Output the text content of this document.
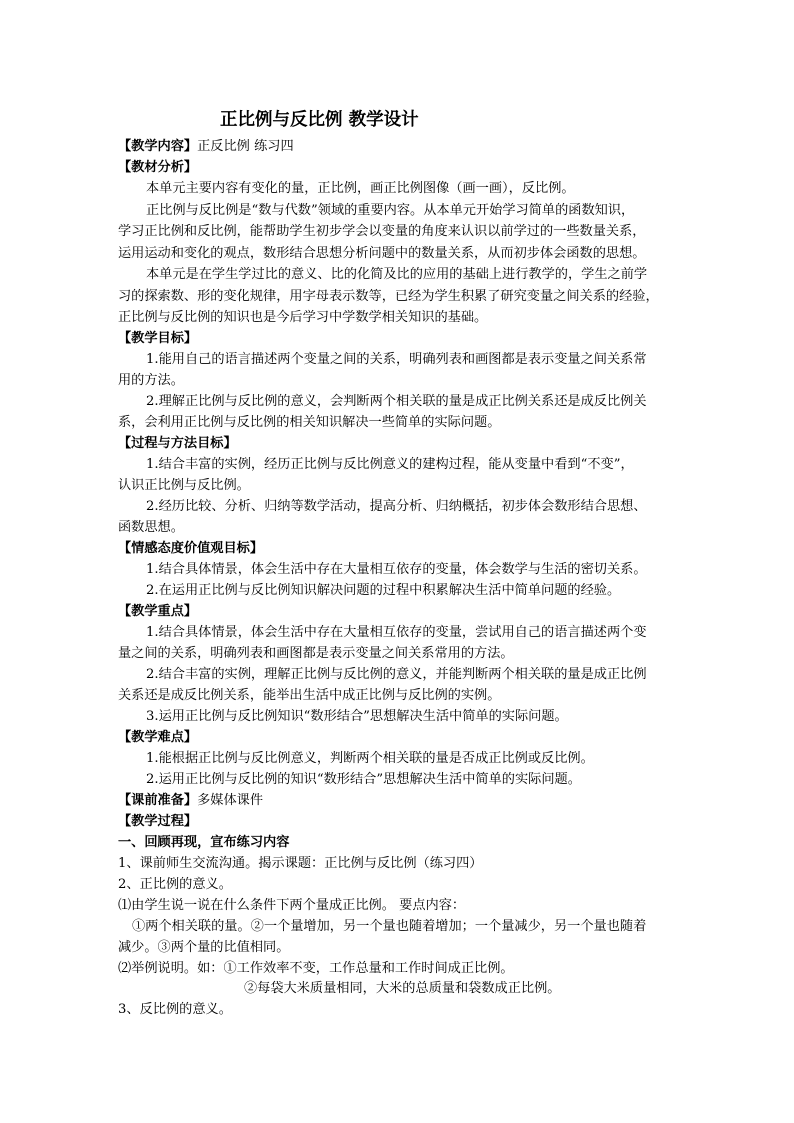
正比例与反比例 教学设计
【教学内容】正反比例 练习四
【教材分析】
本单元主要内容有变化的量，正比例，画正比例图像（画一画），反比例。
正比例与反比例是“数与代数”领域的重要内容。从本单元开始学习简单的函数知识，
学习正比例和反比例，能帮助学生初步学会以变量的角度来认识以前学过的一些数量关系，
运用运动和变化的观点，数形结合思想分析问题中的数量关系，从而初步体会函数的思想。
本单元是在学生学过比的意义、比的化简及比的应用的基础上进行教学的，学生之前学
习的探索数、形的变化规律，用字母表示数等，已经为学生积累了研究变量之间关系的经验，
正比例与反比例的知识也是今后学习中学数学相关知识的基础。
【教学目标】
1.能用自己的语言描述两个变量之间的关系，明确列表和画图都是表示变量之间关系常
用的方法。
2.理解正比例与反比例的意义，会判断两个相关联的量是成正比例关系还是成反比例关
系，会利用正比例与反比例的相关知识解决一些简单的实际问题。
【过程与方法目标】
1.结合丰富的实例，经历正比例与反比例意义的建构过程，能从变量中看到“不变”，
认识正比例与反比例。
2.经历比较、分析、归纳等数学活动，提高分析、归纳概括，初步体会数形结合思想、
函数思想。
【情感态度价值观目标】
1.结合具体情景，体会生活中存在大量相互依存的变量，体会数学与生活的密切关系。
2.在运用正比例与反比例知识解决问题的过程中积累解决生活中简单问题的经验。
【教学重点】
1.结合具体情景，体会生活中存在大量相互依存的变量，尝试用自己的语言描述两个变
量之间的关系，明确列表和画图都是表示变量之间关系常用的方法。
2.结合丰富的实例，理解正比例与反比例的意义，并能判断两个相关联的量是成正比例
关系还是成反比例关系，能举出生活中成正比例与反比例的实例。
3.运用正比例与反比例知识“数形结合”思想解决生活中简单的实际问题。
【教学难点】
1.能根据正比例与反比例意义，判断两个相关联的量是否成正比例或反比例。
2.运用正比例与反比例的知识“数形结合”思想解决生活中简单的实际问题。
【课前准备】多媒体课件
【教学过程】
一、回顾再现，宣布练习内容
1、课前师生交流沟通。揭示课题：正比例与反比例（练习四）
2、正比例的意义。
⑴由学生说一说在什么条件下两个量成正比例。 要点内容：
①两个相关联的量。②一个量增加，另一个量也随着增加；一个量减少，另一个量也随着
减少。③两个量的比值相同。
⑵举例说明。如：①工作效率不变，工作总量和工作时间成正比例。
②每袋大米质量相同，大米的总质量和袋数成正比例。
3、反比例的意义。
